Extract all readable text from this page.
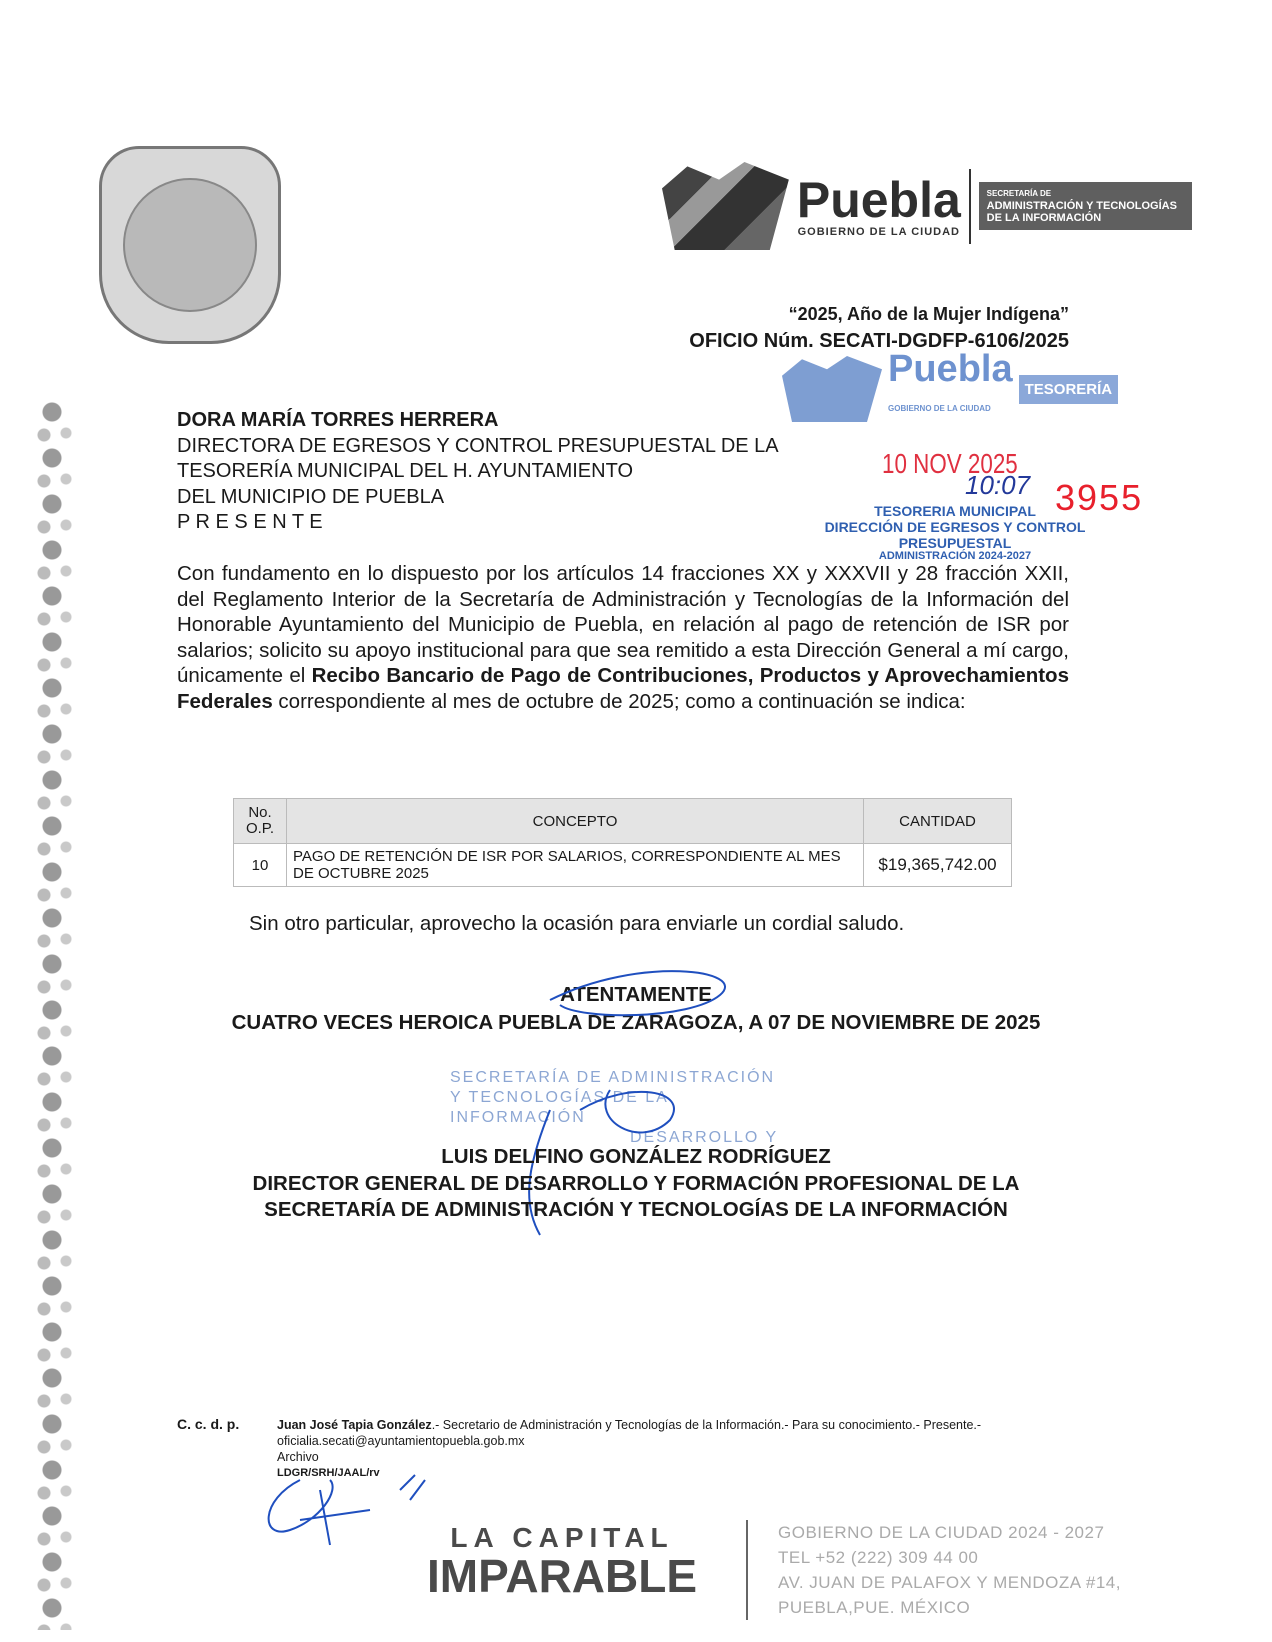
Puebla
GOBIERNO DE LA CIUDAD
SECRETARÍA DE
ADMINISTRACIÓN Y TECNOLOGÍAS
DE LA INFORMACIÓN
“2025, Año de la Mujer Indígena”
OFICIO Núm. SECATI-DGDFP-6106/2025
Puebla
GOBIERNO DE LA CIUDAD
TESORERÍA
10 NOV 2025
10:07 3955
TESORERIA MUNICIPAL
DIRECCIÓN DE EGRESOS Y CONTROL
PRESUPUESTAL
ADMINISTRACIÓN 2024-2027
DORA MARÍA TORRES HERRERA
DIRECTORA DE EGRESOS Y CONTROL PRESUPUESTAL DE LA
TESORERÍA MUNICIPAL DEL H. AYUNTAMIENTO
DEL MUNICIPIO DE PUEBLA
P R E S E N T E
Con fundamento en lo dispuesto por los artículos 14 fracciones XX y XXXVII y 28 fracción XXII, del Reglamento Interior de la Secretaría de Administración y Tecnologías de la Información del Honorable Ayuntamiento del Municipio de Puebla, en relación al pago de retención de ISR por salarios; solicito su apoyo institucional para que sea remitido a esta Dirección General a mí cargo, únicamente el Recibo Bancario de Pago de Contribuciones, Productos y Aprovechamientos Federales correspondiente al mes de octubre de 2025; como a continuación se indica:
No. O.P.	CONCEPTO	CANTIDAD
10	PAGO DE RETENCIÓN DE ISR POR SALARIOS, CORRESPONDIENTE AL MES DE OCTUBRE 2025	$19,365,742.00
Sin otro particular, aprovecho la ocasión para enviarle un cordial saludo.
ATENTAMENTE
CUATRO VECES HEROICA PUEBLA DE ZARAGOZA, A 07 DE NOVIEMBRE DE 2025
SECRETARÍA DE ADMINISTRACIÓN
Y TECNOLOGÍAS DE LA INFORMACIÓN
DESARROLLO Y
LUIS DELFINO GONZÁLEZ RODRÍGUEZ
DIRECTOR GENERAL DE DESARROLLO Y FORMACIÓN PROFESIONAL DE LA
SECRETARÍA DE ADMINISTRACIÓN Y TECNOLOGÍAS DE LA INFORMACIÓN
C. c. d. p.	Juan José Tapia González.- Secretario de Administración y Tecnologías de la Información.- Para su conocimiento.- Presente.-
oficialia.secati@ayuntamientopuebla.gob.mx
Archivo
LDGR/SRH/JAAL/rv
LA CAPITAL
IMPARABLE
GOBIERNO DE LA CIUDAD 2024 - 2027
TEL +52 (222) 309 44 00
AV. JUAN DE PALAFOX Y MENDOZA #14,
PUEBLA,PUE. MÉXICO
